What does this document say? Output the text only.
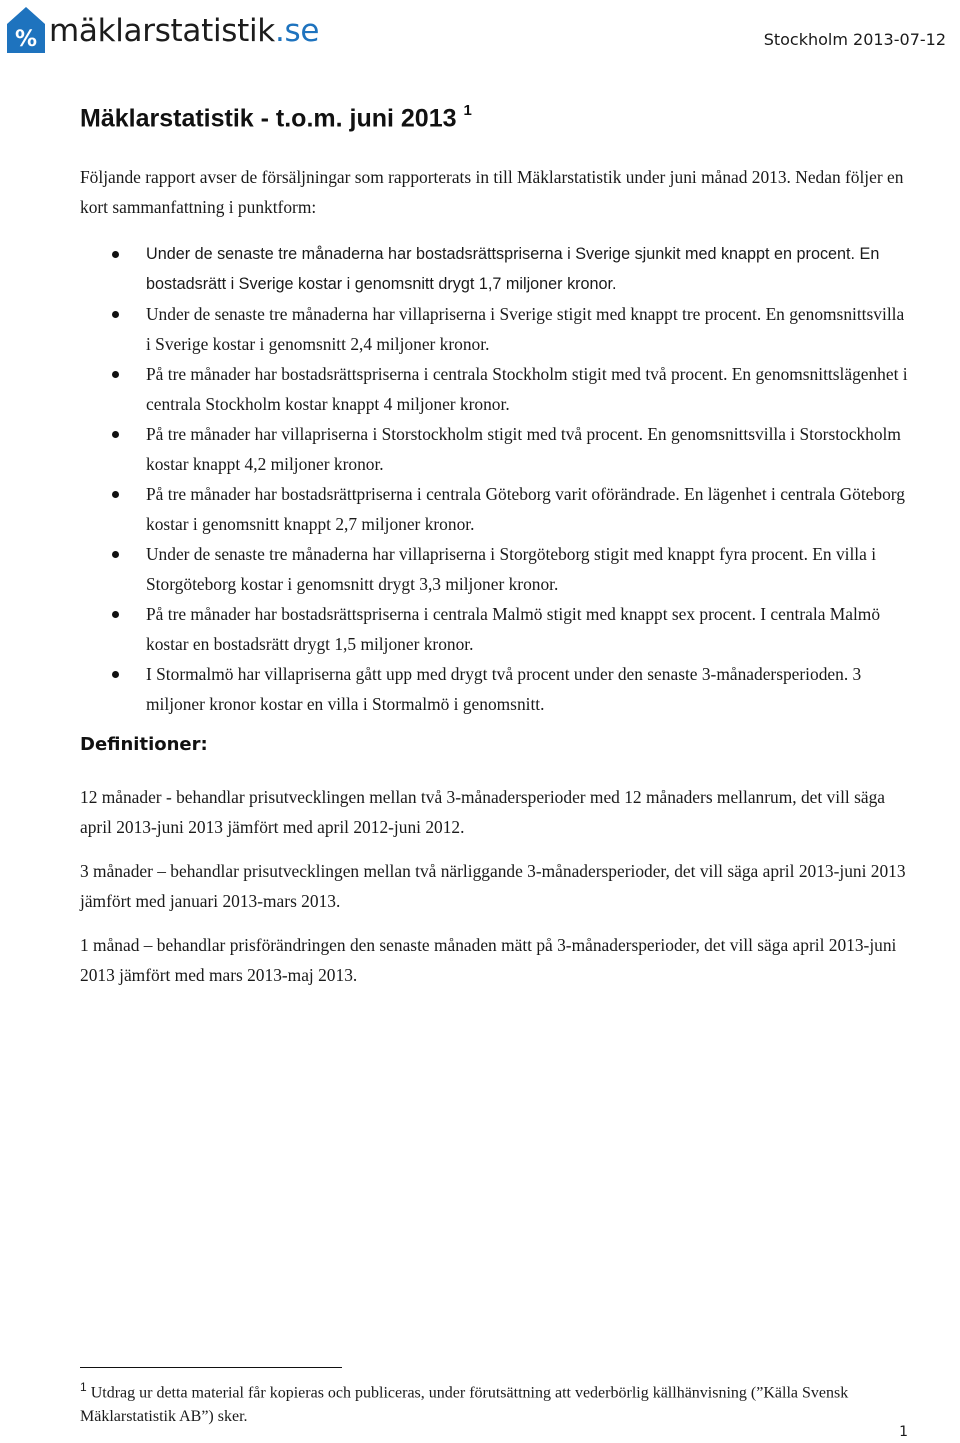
% mäklarstatistik.se	Stockholm 2013-07-12
Mäklarstatistik - t.o.m. juni 2013 $^1$

Följande rapport avser de försäljningar som rapporterats in till Mäklarstatistik under juni månad 2013. Nedan följer en kort sammanfattning i punktform:

Under de senaste tre månaderna har bostadsrättspriserna i Sverige sjunkit med knappt en procent. En bostadsrätt i Sverige kostar i genomsnitt drygt 1,7 miljoner kronor.
Under de senaste tre månaderna har villapriserna i Sverige stigit med knappt tre procent. En genomsnittsvilla i Sverige kostar i genomsnitt 2,4 miljoner kronor.
På tre månader har bostadsrättspriserna i centrala Stockholm stigit med två procent. En genomsnittslägenhet i centrala Stockholm kostar knappt 4 miljoner kronor.
På tre månader har villapriserna i Storstockholm stigit med två procent. En genomsnittsvilla i Storstockholm kostar knappt 4,2 miljoner kronor.
På tre månader har bostadsrättpriserna i centrala Göteborg varit oförändrade. En lägenhet i centrala Göteborg kostar i genomsnitt knappt 2,7 miljoner kronor.
Under de senaste tre månaderna har villapriserna i Storgöteborg stigit med knappt fyra procent. En villa i Storgöteborg kostar i genomsnitt drygt 3,3 miljoner kronor.
På tre månader har bostadsrättspriserna i centrala Malmö stigit med knappt sex procent. I centrala Malmö kostar en bostadsrätt drygt 1,5 miljoner kronor.
I Stormalmö har villapriserna gått upp med drygt två procent under den senaste 3-månadersperioden. 3 miljoner kronor kostar en villa i Stormalmö i genomsnitt.
Definitioner:

12 månader - behandlar prisutvecklingen mellan två 3-månadersperioder med 12 månaders mellanrum, det vill säga april 2013-juni 2013 jämfört med april 2012-juni 2012.

3 månader – behandlar prisutvecklingen mellan två närliggande 3-månadersperioder, det vill säga april 2013-juni 2013 jämfört med januari 2013-mars 2013.

1 månad – behandlar prisförändringen den senaste månaden mätt på 3-månadersperioder, det vill säga april 2013-juni 2013 jämfört med mars 2013-maj 2013.

$^1$ Utdrag ur detta material får kopieras och publiceras, under förutsättning att vederbörlig källhänvisning (”Källa Svensk Mäklarstatistik AB”) sker.

1
